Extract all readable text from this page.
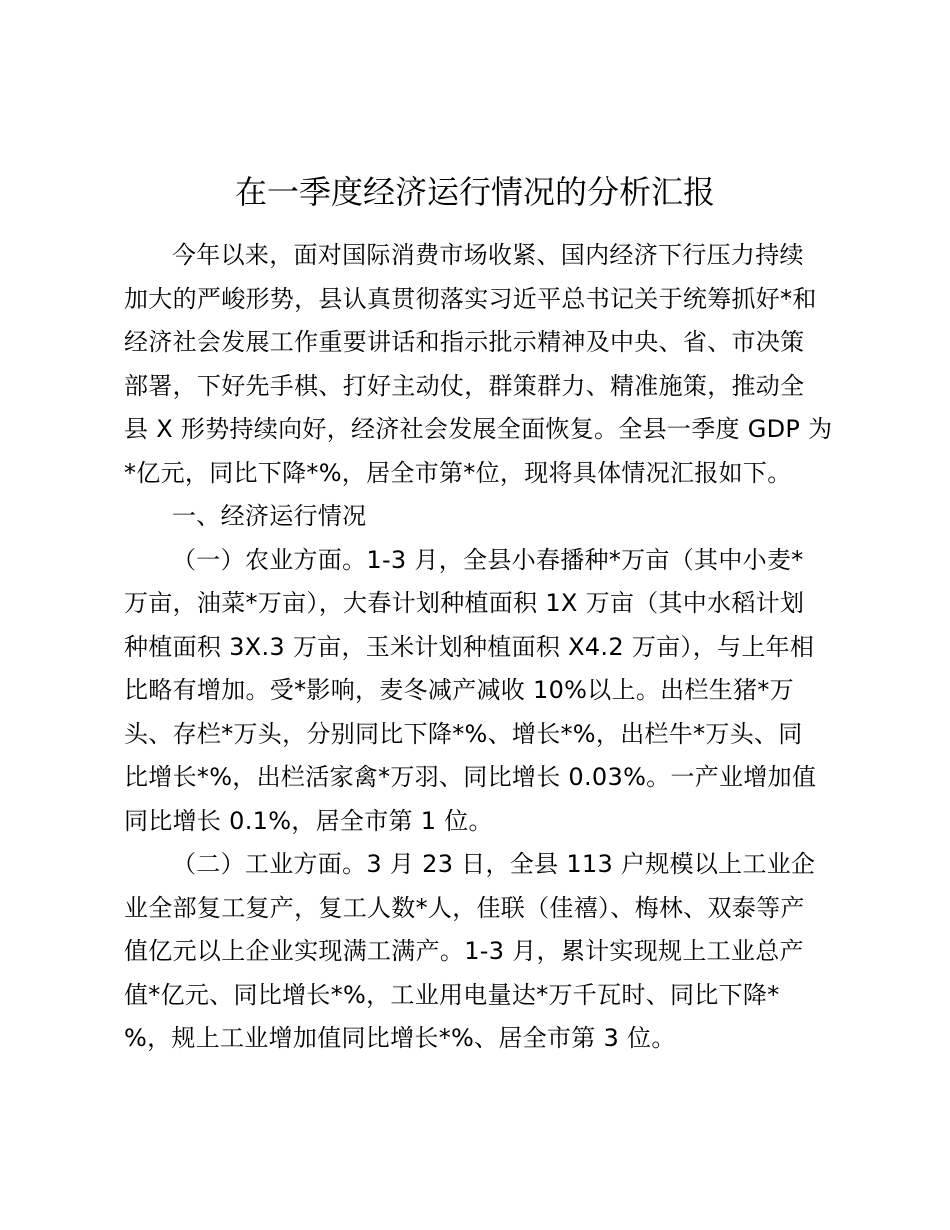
在一季度经济运行情况的分析汇报
今年以来，面对国际消费市场收紧、国内经济下行压力持续
加大的严峻形势，县认真贯彻落实习近平总书记关于统筹抓好*和
经济社会发展工作重要讲话和指示批示精神及中央、省、市决策
部署，下好先手棋、打好主动仗，群策群力、精准施策，推动全
县 X 形势持续向好，经济社会发展全面恢复。全县一季度 GDP 为
*亿元，同比下降*%，居全市第*位，现将具体情况汇报如下。
一、经济运行情况
（一）农业方面。1-3 月，全县小春播种*万亩（其中小麦*
万亩，油菜*万亩），大春计划种植面积 1X 万亩（其中水稻计划
种植面积 3X.3 万亩，玉米计划种植面积 X4.2 万亩），与上年相
比略有增加。受*影响，麦冬减产减收 10%以上。出栏生猪*万
头、存栏*万头，分别同比下降*%、增长*%，出栏牛*万头、同
比增长*%，出栏活家禽*万羽、同比增长 0.03%。一产业增加值
同比增长 0.1%，居全市第 1 位。
（二）工业方面。3 月 23 日，全县 113 户规模以上工业企
业全部复工复产，复工人数*人，佳联（佳禧）、梅林、双泰等产
值亿元以上企业实现满工满产。1-3 月，累计实现规上工业总产
值*亿元、同比增长*%，工业用电量达*万千瓦时、同比下降*
%，规上工业增加值同比增长*%、居全市第 3 位。
